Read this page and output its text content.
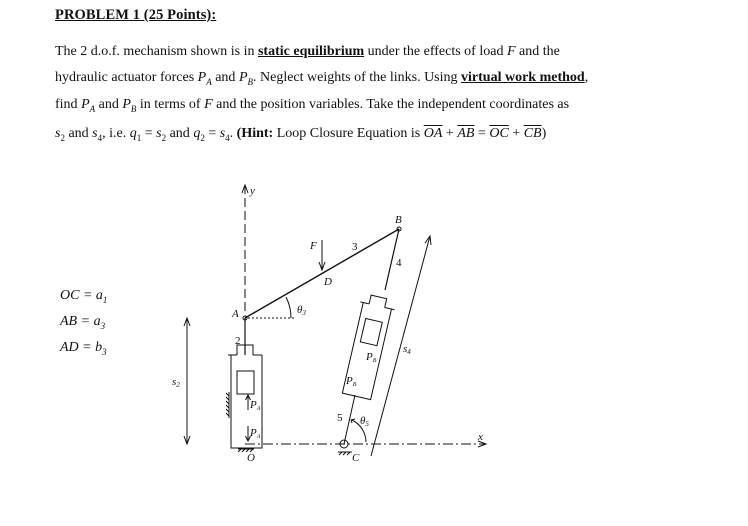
PROBLEM 1 (25 Points):
The 2 d.o.f. mechanism shown is in static equilibrium under the effects of load F and the
hydraulic actuator forces $P_A$ and $P_B$. Neglect weights of the links. Using virtual work method,
find $P_A$ and $P_B$ in terms of F and the position variables. Take the independent coordinates as
$s_2$ and $s_4$, i.e. $q_1 = s_2$ and $q_2 = s_4$. (Hint: Loop Closure Equation is $\overline{OA} + \overline{AB} = \overline{OC} + \overline{CB}$)
OC = $a_1$
AB = $a_3$
AD = $b_3$
y
x
A
B
C
D
O
F
2
3
4
5
θ3
θ5
s2
s4
PA
PA
PB
PB
